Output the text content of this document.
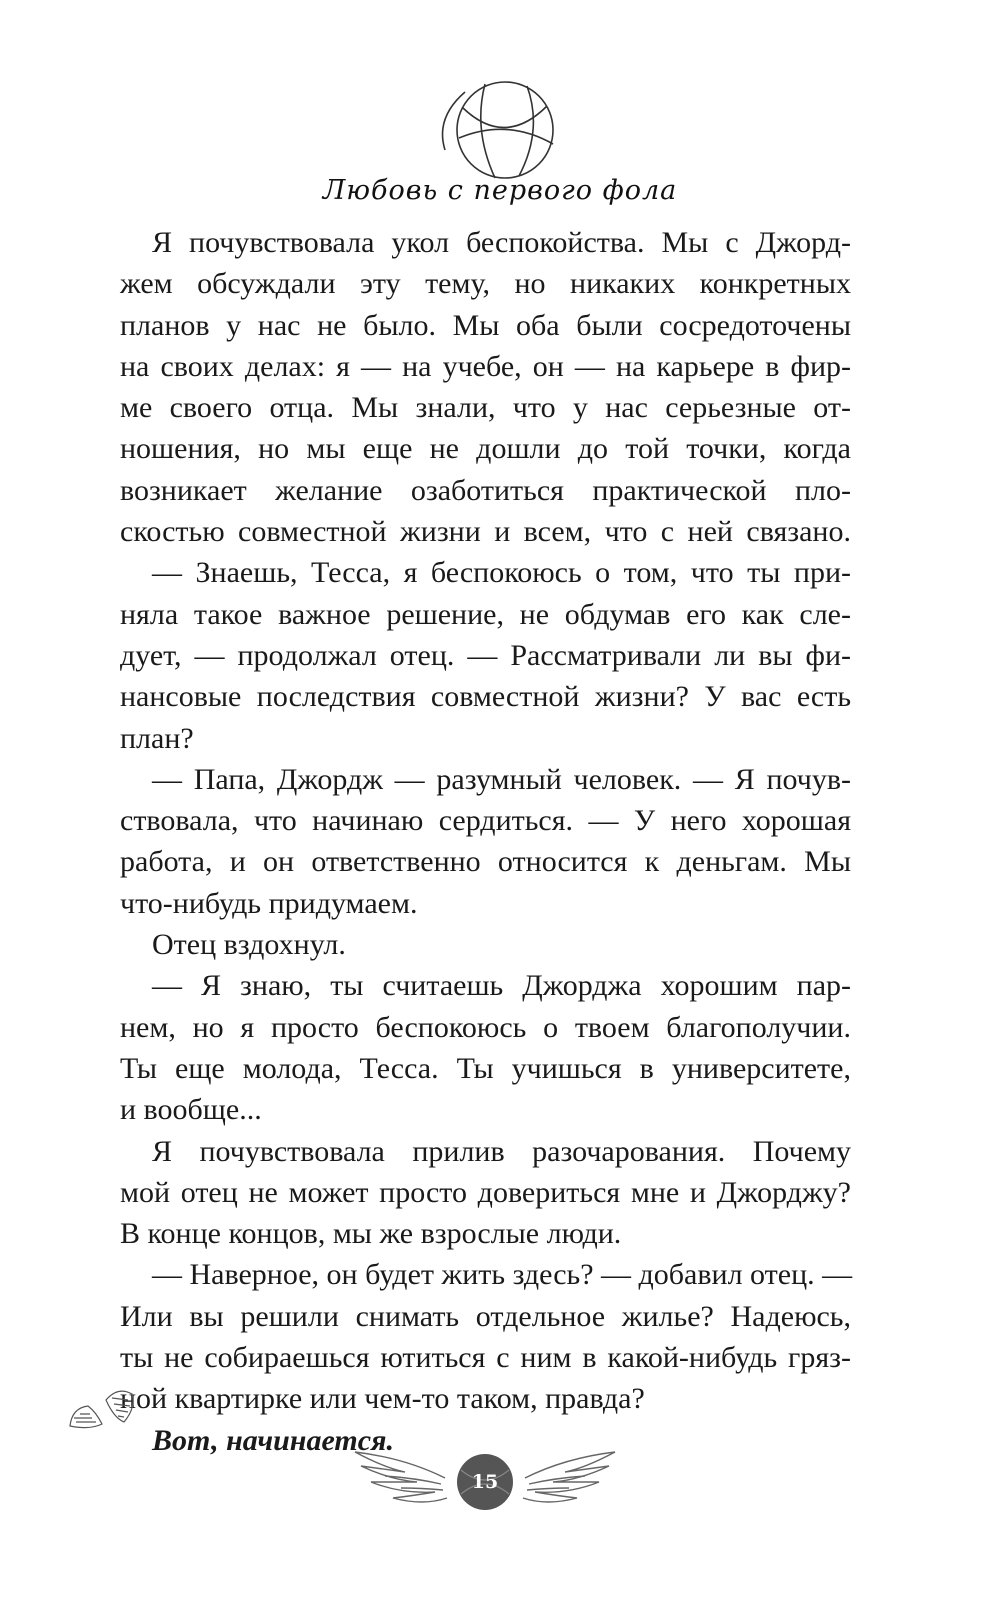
Любовь с первого фола
Я почувствовала укол беспокойства. Мы с Джорд-
жем обсуждали эту тему, но никаких конкретных
планов у нас не было. Мы оба были сосредоточены
на своих делах: я — на учебе, он — на карьере в фир-
ме своего отца. Мы знали, что у нас серьезные от-
ношения, но мы еще не дошли до той точки, когда
возникает желание озаботиться практической пло-
скостью совместной жизни и всем, что с ней связано.
— Знаешь, Тесса, я беспокоюсь о том, что ты при-
няла такое важное решение, не обдумав его как сле-
дует, — продолжал отец. — Рассматривали ли вы фи-
нансовые последствия совместной жизни? У вас есть
план?
— Папа, Джордж — разумный человек. — Я почув-
ствовала, что начинаю сердиться. — У него хорошая
работа, и он ответственно относится к деньгам. Мы
что-нибудь придумаем.
Отец вздохнул.
— Я знаю, ты считаешь Джорджа хорошим пар-
нем, но я просто беспокоюсь о твоем благополучии.
Ты еще молода, Тесса. Ты учишься в университете,
и вообще...
Я почувствовала прилив разочарования. Почему
мой отец не может просто довериться мне и Джорджу?
В конце концов, мы же взрослые люди.
— Наверное, он будет жить здесь? — добавил отец. —
Или вы решили снимать отдельное жилье? Надеюсь,
ты не собираешься ютиться с ним в какой-нибудь гряз-
ной квартирке или чем-то таком, правда?
Вот, начинается.
15
